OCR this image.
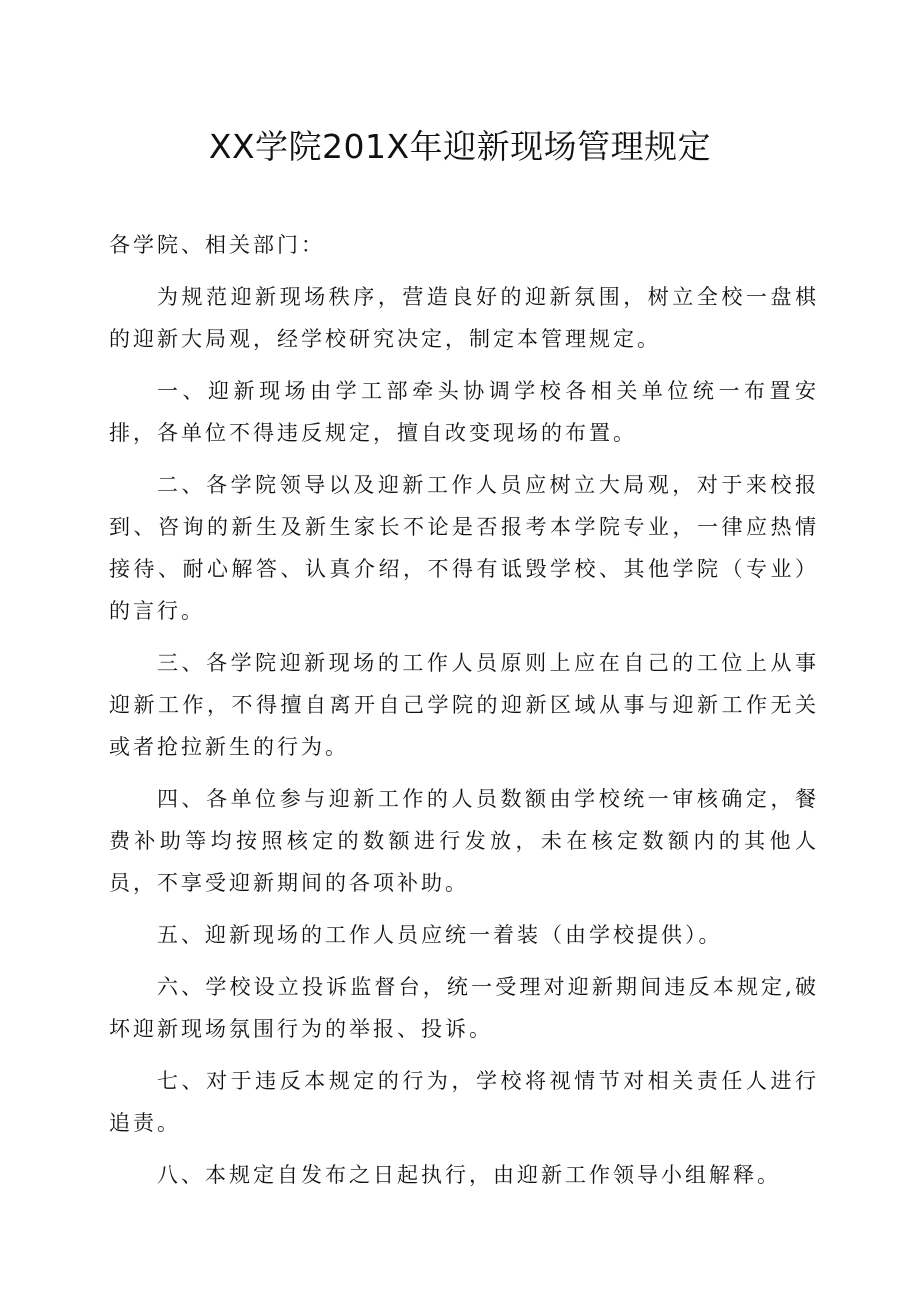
XX学院201X年迎新现场管理规定

各学院、相关部门：

为规范迎新现场秩序，营造良好的迎新氛围，树立全校一盘棋的迎新大局观，经学校研究决定，制定本管理规定。

一、迎新现场由学工部牵头协调学校各相关单位统一布置安排，各单位不得违反规定，擅自改变现场的布置。

二、各学院领导以及迎新工作人员应树立大局观，对于来校报到、咨询的新生及新生家长不论是否报考本学院专业，一律应热情接待、耐心解答、认真介绍，不得有诋毁学校、其他学院（专业）的言行。

三、各学院迎新现场的工作人员原则上应在自己的工位上从事迎新工作，不得擅自离开自己学院的迎新区域从事与迎新工作无关或者抢拉新生的行为。

四、各单位参与迎新工作的人员数额由学校统一审核确定，餐费补助等均按照核定的数额进行发放，未在核定数额内的其他人员，不享受迎新期间的各项补助。

五、迎新现场的工作人员应统一着装（由学校提供）。

六、学校设立投诉监督台，统一受理对迎新期间违反本规定,破坏迎新现场氛围行为的举报、投诉。

七、对于违反本规定的行为，学校将视情节对相关责任人进行追责。

八、本规定自发布之日起执行，由迎新工作领导小组解释。
